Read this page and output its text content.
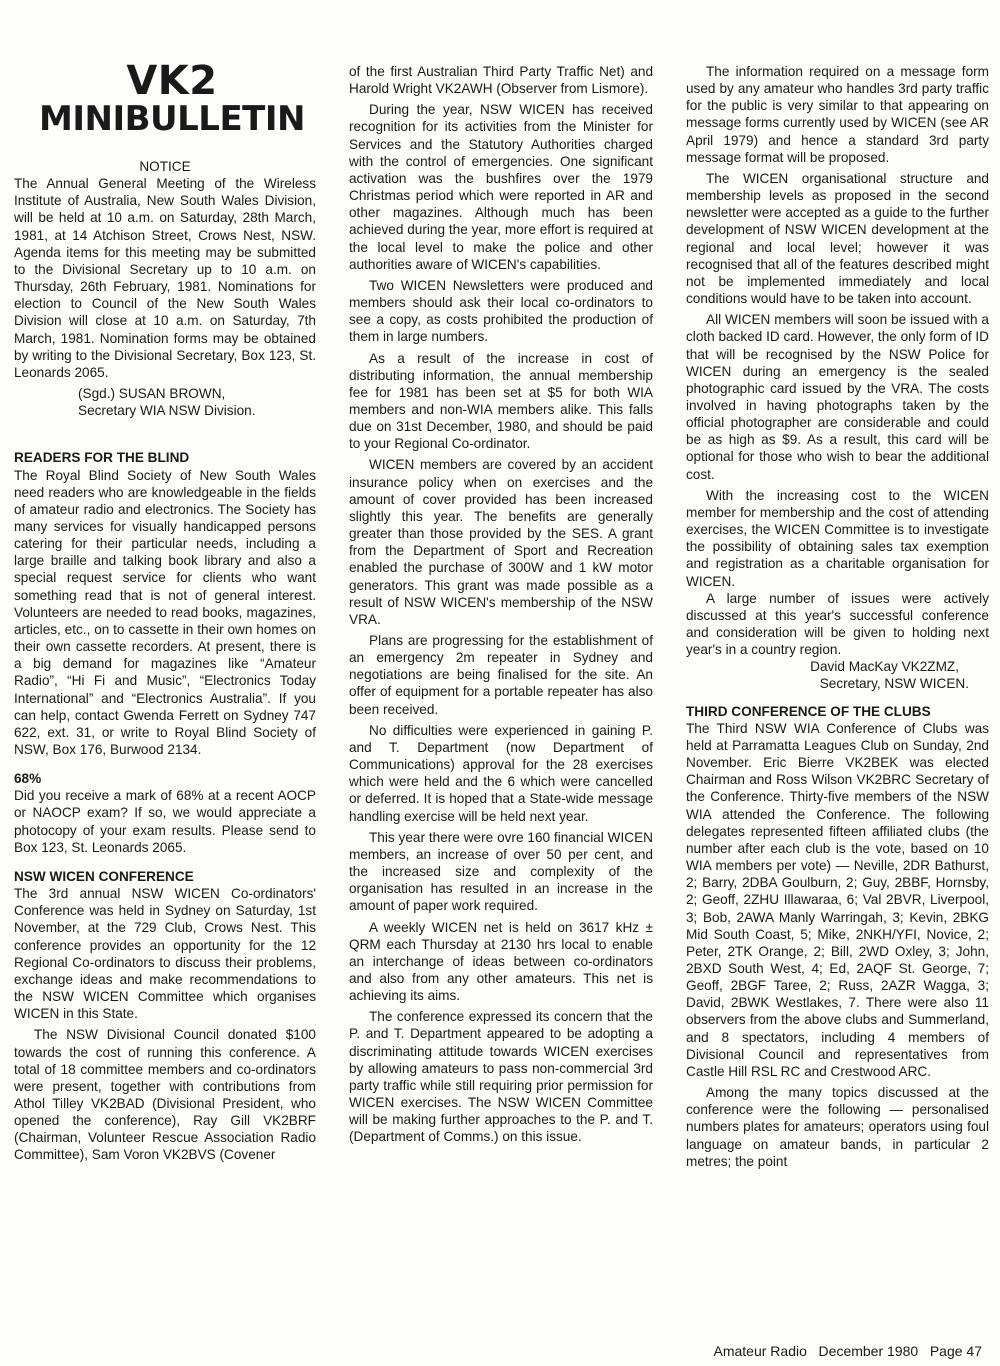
VK2
MINIBULLETIN
NOTICE

The Annual General Meeting of the Wireless Institute of Australia, New South Wales Division, will be held at 10 a.m. on Saturday, 28th March, 1981, at 14 Atchison Street, Crows Nest, NSW. Agenda items for this meeting may be submitted to the Divisional Secretary up to 10 a.m. on Thursday, 26th February, 1981. Nominations for election to Council of the New South Wales Division will close at 10 a.m. on Saturday, 7th March, 1981. Nomination forms may be obtained by writing to the Divisional Secretary, Box 123, St. Leonards 2065.

(Sgd.) SUSAN BROWN,

Secretary WIA NSW Division.

READERS FOR THE BLIND

The Royal Blind Society of New South Wales need readers who are knowledgeable in the fields of amateur radio and electronics. The Society has many services for visually handicapped persons catering for their particular needs, including a large braille and talking book library and also a special request service for clients who want something read that is not of general interest. Volunteers are needed to read books, magazines, articles, etc., on to cassette in their own homes on their own cassette recorders. At present, there is a big demand for magazines like “Amateur Radio”, “Hi Fi and Music”, “Electronics Today International” and “Electronics Australia”. If you can help, contact Gwenda Ferrett on Sydney 747 622, ext. 31, or write to Royal Blind Society of NSW, Box 176, Burwood 2134.

68%

Did you receive a mark of 68% at a recent AOCP or NAOCP exam? If so, we would appreciate a photocopy of your exam results. Please send to Box 123, St. Leonards 2065.

NSW WICEN CONFERENCE

The 3rd annual NSW WICEN Co-ordinators' Conference was held in Sydney on Saturday, 1st November, at the 729 Club, Crows Nest. This conference provides an opportunity for the 12 Regional Co-ordinators to discuss their problems, exchange ideas and make recommendations to the NSW WICEN Committee which organises WICEN in this State.

The NSW Divisional Council donated $100 towards the cost of running this conference. A total of 18 committee members and co-ordinators were present, together with contributions from Athol Tilley VK2BAD (Divisional President, who opened the conference), Ray Gill VK2BRF (Chairman, Volunteer Rescue Association Radio Committee), Sam Voron VK2BVS (Covener

of the first Australian Third Party Traffic Net) and Harold Wright VK2AWH (Observer from Lismore).

During the year, NSW WICEN has received recognition for its activities from the Minister for Services and the Statutory Authorities charged with the control of emergencies. One significant activation was the bushfires over the 1979 Christmas period which were reported in AR and other magazines. Although much has been achieved during the year, more effort is required at the local level to make the police and other authorities aware of WICEN's capabilities.

Two WICEN Newsletters were produced and members should ask their local co-ordinators to see a copy, as costs prohibited the production of them in large numbers.

As a result of the increase in cost of distributing information, the annual membership fee for 1981 has been set at $5 for both WIA members and non-WIA members alike. This falls due on 31st December, 1980, and should be paid to your Regional Co-ordinator.

WICEN members are covered by an accident insurance policy when on exercises and the amount of cover provided has been increased slightly this year. The benefits are generally greater than those provided by the SES. A grant from the Department of Sport and Recreation enabled the purchase of 300W and 1 kW motor generators. This grant was made possible as a result of NSW WICEN's membership of the NSW VRA.

Plans are progressing for the establishment of an emergency 2m repeater in Sydney and negotiations are being finalised for the site. An offer of equipment for a portable repeater has also been received.

No difficulties were experienced in gaining P. and T. Department (now Department of Communications) approval for the 28 exercises which were held and the 6 which were cancelled or deferred. It is hoped that a State-wide message handling exercise will be held next year.

This year there were ovre 160 financial WICEN members, an increase of over 50 per cent, and the increased size and complexity of the organisation has resulted in an increase in the amount of paper work required.

A weekly WICEN net is held on 3617 kHz ± QRM each Thursday at 2130 hrs local to enable an interchange of ideas between co-ordinators and also from any other amateurs. This net is achieving its aims.

The conference expressed its concern that the P. and T. Department appeared to be adopting a discriminating attitude towards WICEN exercises by allowing amateurs to pass non-commercial 3rd party traffic while still requiring prior permission for WICEN exercises. The NSW WICEN Committee will be making further approaches to the P. and T. (Department of Comms.) on this issue.

The information required on a message form used by any amateur who handles 3rd party traffic for the public is very similar to that appearing on message forms currently used by WICEN (see AR April 1979) and hence a standard 3rd party message format will be proposed.

The WICEN organisational structure and membership levels as proposed in the second newsletter were accepted as a guide to the further development of NSW WICEN development at the regional and local level; however it was recognised that all of the features described might not be implemented immediately and local conditions would have to be taken into account.

All WICEN members will soon be issued with a cloth backed ID card. However, the only form of ID that will be recognised by the NSW Police for WICEN during an emergency is the sealed photographic card issued by the VRA. The costs involved in having photographs taken by the official photographer are considerable and could be as high as $9. As a result, this card will be optional for those who wish to bear the additional cost.

With the increasing cost to the WICEN member for membership and the cost of attending exercises, the WICEN Committee is to investigate the possibility of obtaining sales tax exemption and registration as a charitable organisation for WICEN.

A large number of issues were actively discussed at this year's successful conference and consideration will be given to holding next year's in a country region.

David MacKay VK2ZMZ,

Secretary, NSW WICEN.

THIRD CONFERENCE OF THE CLUBS

The Third NSW WIA Conference of Clubs was held at Parramatta Leagues Club on Sunday, 2nd November. Eric Bierre VK2BEK was elected Chairman and Ross Wilson VK2BRC Secretary of the Conference. Thirty-five members of the NSW WIA attended the Conference. The following delegates represented fifteen affiliated clubs (the number after each club is the vote, based on 10 WIA members per vote) — Neville, 2DR Bathurst, 2; Barry, 2DBA Goulburn, 2; Guy, 2BBF, Hornsby, 2; Geoff, 2ZHU Illawaraa, 6; Val 2BVR, Liverpool, 3; Bob, 2AWA Manly Warringah, 3; Kevin, 2BKG Mid South Coast, 5; Mike, 2NKH/YFI, Novice, 2; Peter, 2TK Orange, 2; Bill, 2WD Oxley, 3; John, 2BXD South West, 4; Ed, 2AQF St. George, 7; Geoff, 2BGF Taree, 2; Russ, 2AZR Wagga, 3; David, 2BWK Westlakes, 7. There were also 11 observers from the above clubs and Summerland, and 8 spectators, including 4 members of Divisional Council and representatives from Castle Hill RSL RC and Crestwood ARC.

Among the many topics discussed at the conference were the following — personalised numbers plates for amateurs; operators using foul language on amateur bands, in particular 2 metres; the point

Amateur Radio   December 1980   Page 47
